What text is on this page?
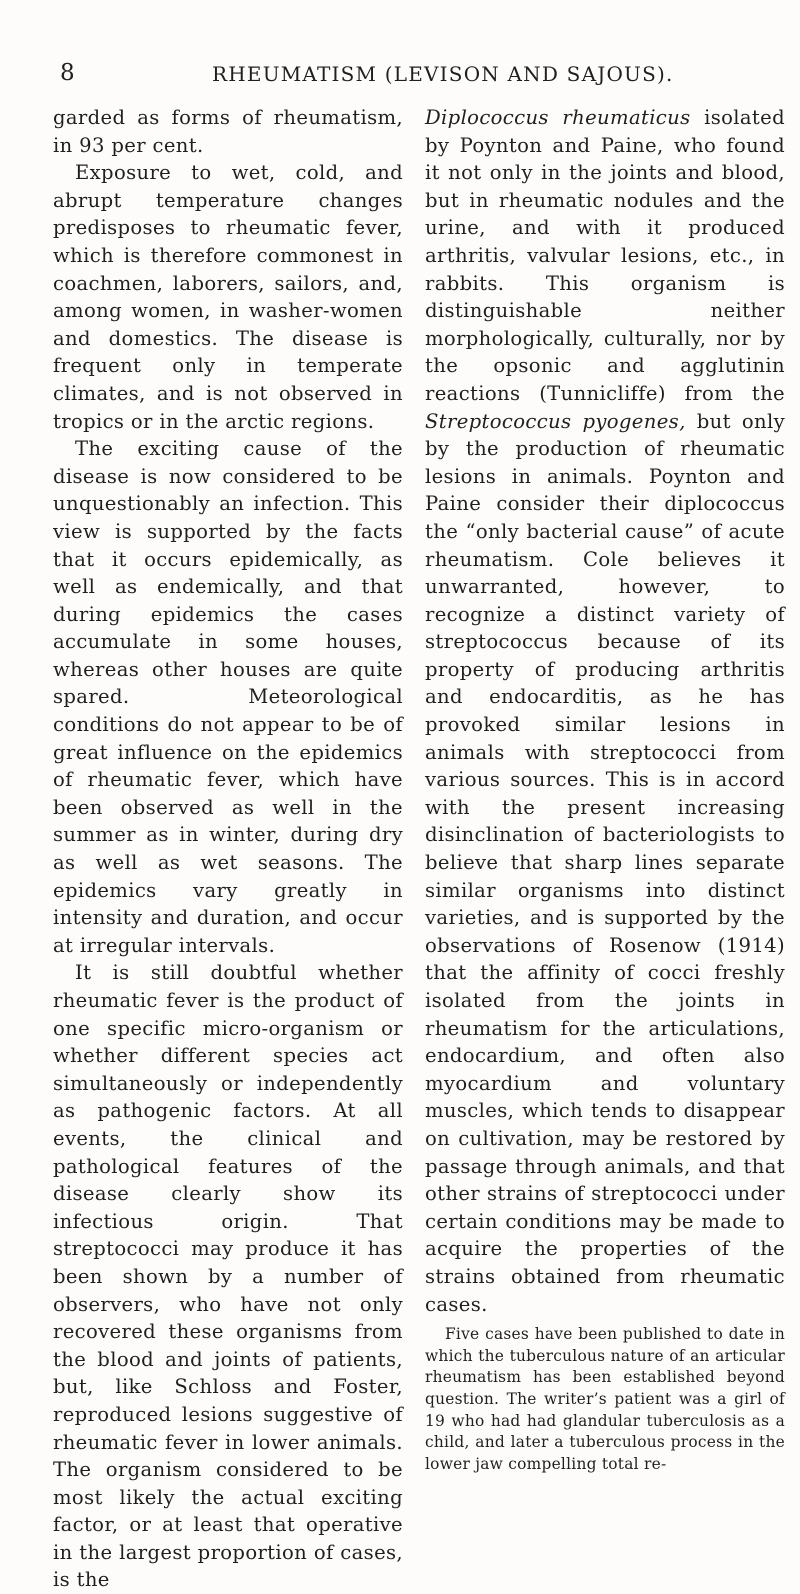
8	RHEUMATISM (LEVISON AND SAJOUS).

garded as forms of rheumatism, in 93 per cent.

Exposure to wet, cold, and abrupt temperature changes predisposes to rheumatic fever, which is therefore commonest in coachmen, laborers, sailors, and, among women, in washer-women and domestics. The disease is frequent only in temperate climates, and is not observed in tropics or in the arctic regions.

The exciting cause of the disease is now considered to be unquestionably an infection. This view is supported by the facts that it occurs epidemically, as well as endemically, and that during epidemics the cases accumulate in some houses, whereas other houses are quite spared. Meteorological conditions do not appear to be of great influence on the epidemics of rheumatic fever, which have been observed as well in the summer as in winter, during dry as well as wet seasons. The epidemics vary greatly in intensity and duration, and occur at irregular intervals.

It is still doubtful whether rheumatic fever is the product of one specific micro-organism or whether different species act simultaneously or independently as pathogenic factors. At all events, the clinical and pathological features of the disease clearly show its infectious origin. That streptococci may produce it has been shown by a number of observers, who have not only recovered these organisms from the blood and joints of patients, but, like Schloss and Foster, reproduced lesions suggestive of rheumatic fever in lower animals. The organism considered to be most likely the actual exciting factor, or at least that operative in the largest proportion of cases, is the

Diplococcus rheumaticus isolated by Poynton and Paine, who found it not only in the joints and blood, but in rheumatic nodules and the urine, and with it produced arthritis, valvular lesions, etc., in rabbits. This organism is distinguishable neither morphologically, culturally, nor by the opsonic and agglutinin reactions (Tunnicliffe) from the Streptococcus pyogenes, but only by the production of rheumatic lesions in animals. Poynton and Paine consider their diplococcus the “only bacterial cause” of acute rheumatism. Cole believes it unwarranted, however, to recognize a distinct variety of streptococcus because of its property of producing arthritis and endocarditis, as he has provoked similar lesions in animals with streptococci from various sources. This is in accord with the present increasing disinclination of bacteriologists to believe that sharp lines separate similar organisms into distinct varieties, and is supported by the observations of Rosenow (1914) that the affinity of cocci freshly isolated from the joints in rheumatism for the articulations, endocardium, and often also myocardium and voluntary muscles, which tends to disappear on cultivation, may be restored by passage through animals, and that other strains of streptococci under certain conditions may be made to acquire the properties of the strains obtained from rheumatic cases.

Five cases have been published to date in which the tuberculous nature of an articular rheumatism has been established beyond question. The writer’s patient was a girl of 19 who had had glandular tuberculosis as a child, and later a tuberculous process in the lower jaw compelling total re-
